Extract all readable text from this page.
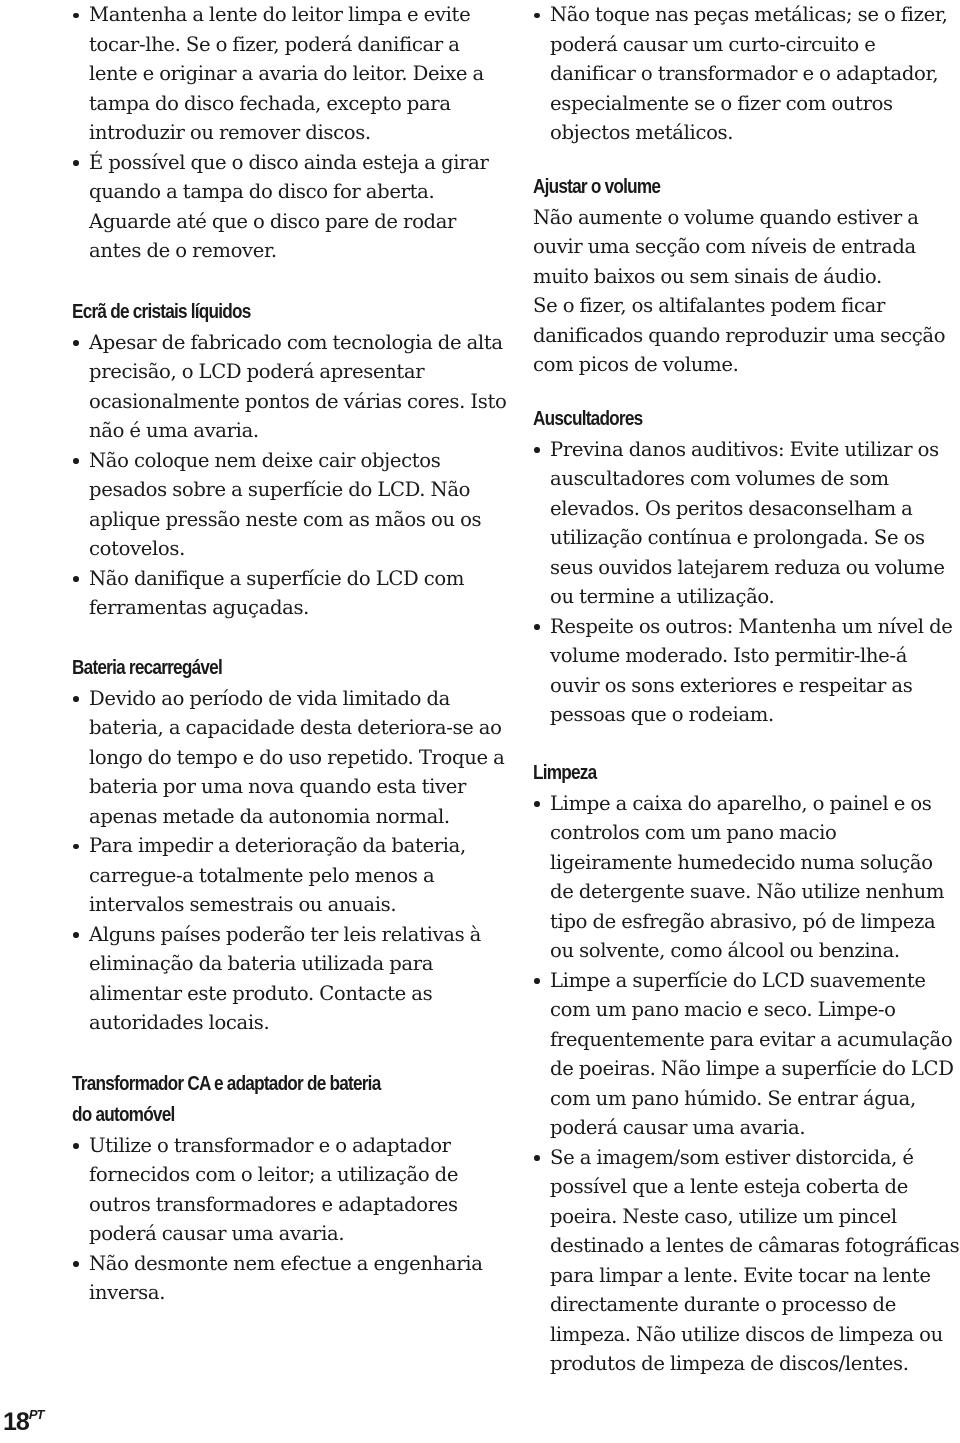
Mantenha a lente do leitor limpa e evite tocar-lhe. Se o fizer, poderá danificar a lente e originar a avaria do leitor. Deixe a tampa do disco fechada, excepto para introduzir ou remover discos.
É possível que o disco ainda esteja a girar quando a tampa do disco for aberta. Aguarde até que o disco pare de rodar antes de o remover.
Ecrã de cristais líquidos
Apesar de fabricado com tecnologia de alta precisão, o LCD poderá apresentar ocasionalmente pontos de várias cores. Isto não é uma avaria.
Não coloque nem deixe cair objectos pesados sobre a superfície do LCD. Não aplique pressão neste com as mãos ou os cotovelos.
Não danifique a superfície do LCD com ferramentas aguçadas.
Bateria recarregável
Devido ao período de vida limitado da bateria, a capacidade desta deteriora-se ao longo do tempo e do uso repetido. Troque a bateria por uma nova quando esta tiver apenas metade da autonomia normal.
Para impedir a deterioração da bateria, carregue-a totalmente pelo menos a intervalos semestrais ou anuais.
Alguns países poderão ter leis relativas à eliminação da bateria utilizada para alimentar este produto. Contacte as autoridades locais.
Transformador CA e adaptador de bateria
do automóvel
Utilize o transformador e o adaptador fornecidos com o leitor; a utilização de outros transformadores e adaptadores poderá causar uma avaria.
Não desmonte nem efectue a engenharia inversa.
Não toque nas peças metálicas; se o fizer, poderá causar um curto-circuito e danificar o transformador e o adaptador, especialmente se o fizer com outros objectos metálicos.
Ajustar o volume

Não aumente o volume quando estiver a ouvir uma secção com níveis de entrada muito baixos ou sem sinais de áudio.

Se o fizer, os altifalantes podem ficar danificados quando reproduzir uma secção com picos de volume.

Auscultadores
Previna danos auditivos: Evite utilizar os auscultadores com volumes de som elevados. Os peritos desaconselham a utilização contínua e prolongada. Se os seus ouvidos latejarem reduza ou volume ou termine a utilização.
Respeite os outros: Mantenha um nível de volume moderado. Isto permitir-lhe-á ouvir os sons exteriores e respeitar as pessoas que o rodeiam.
Limpeza
Limpe a caixa do aparelho, o painel e os controlos com um pano macio ligeiramente humedecido numa solução de detergente suave. Não utilize nenhum tipo de esfregão abrasivo, pó de limpeza ou solvente, como álcool ou benzina.
Limpe a superfície do LCD suavemente com um pano macio e seco. Limpe-o frequentemente para evitar a acumulação de poeiras. Não limpe a superfície do LCD com um pano húmido. Se entrar água, poderá causar uma avaria.
Se a imagem/som estiver distorcida, é possível que a lente esteja coberta de poeira. Neste caso, utilize um pincel destinado a lentes de câmaras fotográficas para limpar a lente. Evite tocar na lente directamente durante o processo de limpeza. Não utilize discos de limpeza ou produtos de limpeza de discos/lentes.
$18^{PT}$
